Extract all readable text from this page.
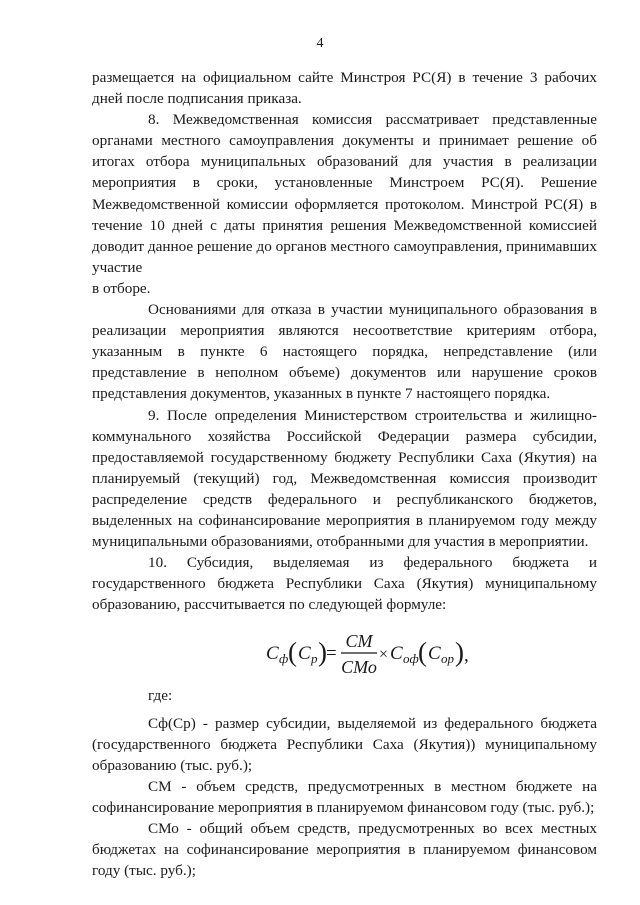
4

размещается на официальном сайте Минстроя РС(Я) в течение 3 рабочих дней после подписания приказа.

8. Межведомственная комиссия рассматривает представленные органами местного самоуправления документы и принимает решение об итогах отбора муниципальных образований для участия в реализации мероприятия в сроки, установленные Минстроем РС(Я). Решение Межведомственной комиссии оформляется протоколом. Минстрой РС(Я) в течение 10 дней с даты принятия решения Межведомственной комиссией доводит данное решение до органов местного самоуправления, принимавших участие

в отборе.

Основаниями для отказа в участии муниципального образования в реализации мероприятия являются несоответствие критериям отбора, указанным в пункте 6 настоящего порядка, непредставление (или представление в неполном объеме) документов или нарушение сроков представления документов, указанных в пункте 7 настоящего порядка.

9. После определения Министерством строительства и жилищно-коммунального хозяйства Российской Федерации размера субсидии, предоставляемой государственному бюджету Республики Саха (Якутия) на планируемый (текущий) год, Межведомственная комиссия производит распределение средств федерального и республиканского бюджетов, выделенных на софинансирование мероприятия в планируемом году между муниципальными образованиями, отобранными для участия в мероприятии.

10. Субсидия, выделяемая из федерального бюджета и государственного бюджета Республики Саха (Якутия) муниципальному образованию, рассчитывается по следующей формуле:

С ф ( С р ) =
СМ
СМо
× С оф ( С ор ) ,

где:

Сф(Ср) - размер субсидии, выделяемой из федерального бюджета (государственного бюджета Республики Саха (Якутия)) муниципальному образованию (тыс. руб.);

СМ - объем средств, предусмотренных в местном бюджете на софинансирование мероприятия в планируемом финансовом году (тыс. руб.);

СМо - общий объем средств, предусмотренных во всех местных бюджетах на софинансирование мероприятия в планируемом финансовом году (тыс. руб.);
